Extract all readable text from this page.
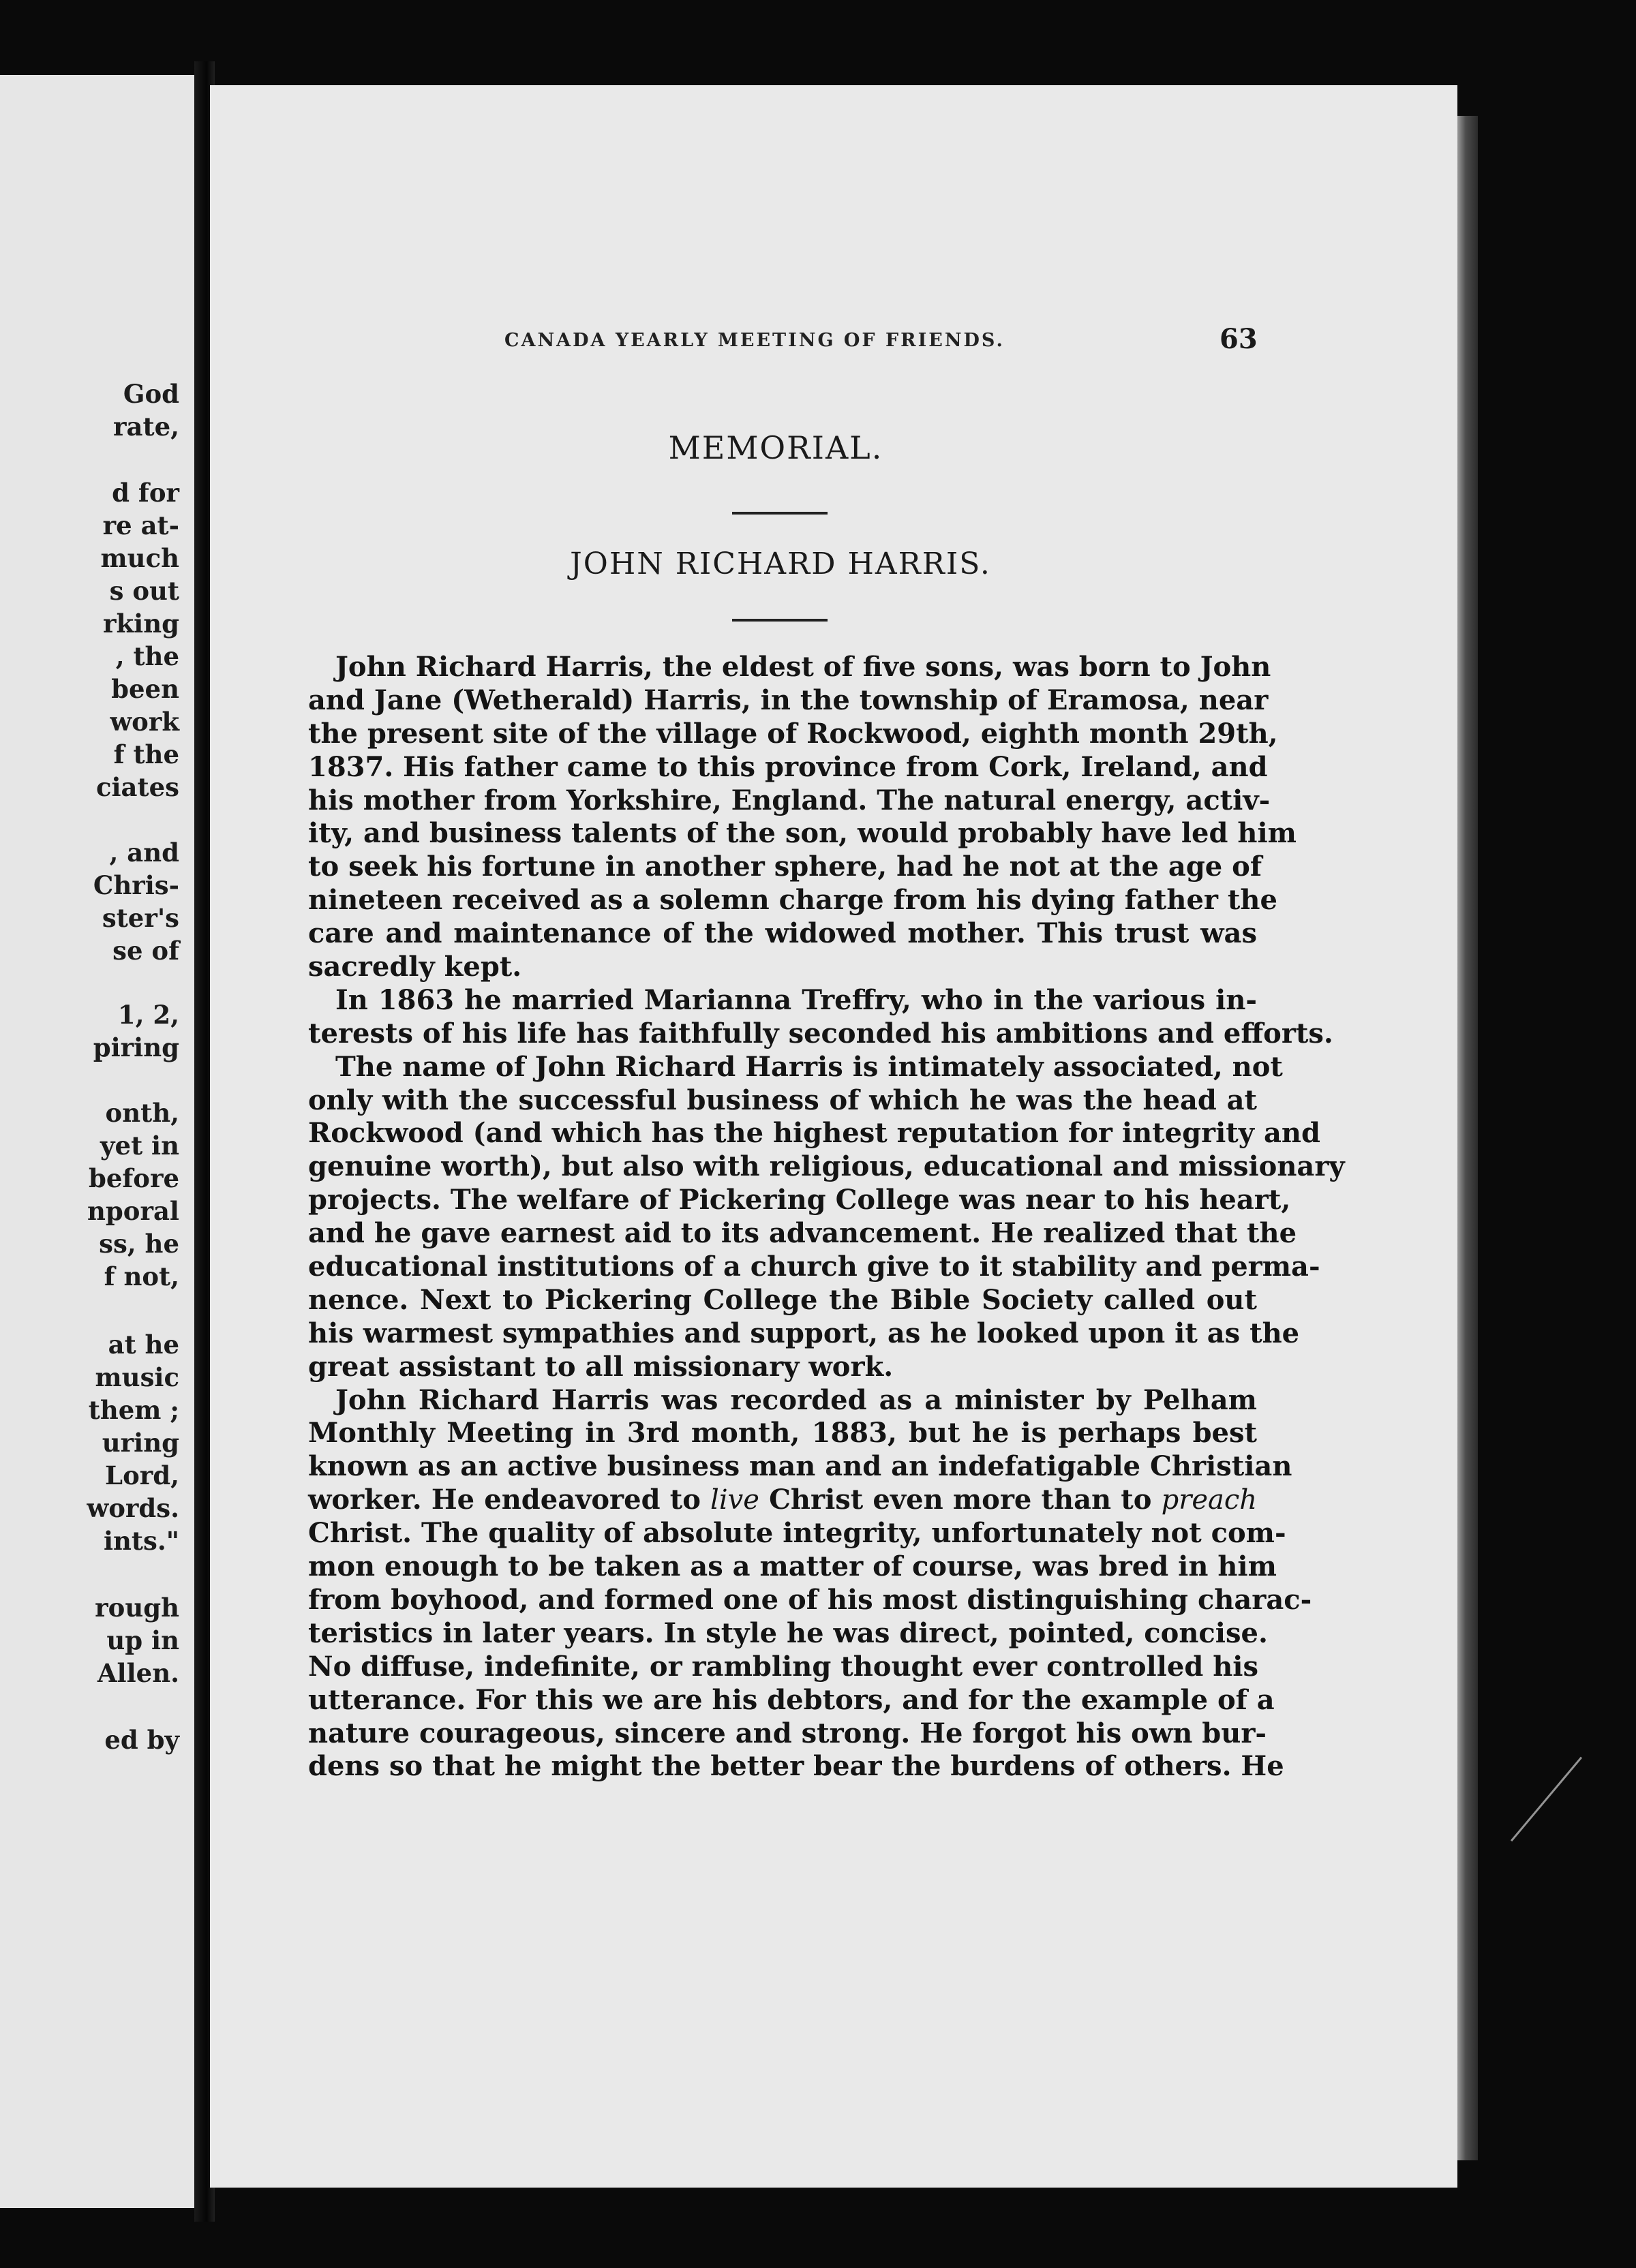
God
rate,
d for
re at-
much
s out
rking
, the
been
work
f the
ciates
, and
Chris-
ster's
se of
1, 2,
piring
onth,
yet in
before
nporal
ss, he
f not,
at he
music
them ;
uring
Lord,
words.
ints."
rough
up in
Allen.
ed by
CANADA YEARLY MEETING OF FRIENDS.	63
MEMORIAL.
JOHN RICHARD HARRIS.
John Richard Harris, the eldest of five sons, was born to John
and Jane (Wetherald) Harris, in the township of Eramosa, near
the present site of the village of Rockwood, eighth month 29th,
1837. His father came to this province from Cork, Ireland, and
his mother from Yorkshire, England. The natural energy, activ-
ity, and business talents of the son, would probably have led him
to seek his fortune in another sphere, had he not at the age of
nineteen received as a solemn charge from his dying father the
care and maintenance of the widowed mother. This trust was
sacredly kept.
In 1863 he married Marianna Treffry, who in the various in-
terests of his life has faithfully seconded his ambitions and efforts.
The name of John Richard Harris is intimately associated, not
only with the successful business of which he was the head at
Rockwood (and which has the highest reputation for integrity and
genuine worth), but also with religious, educational and missionary
projects. The welfare of Pickering College was near to his heart,
and he gave earnest aid to its advancement. He realized that the
educational institutions of a church give to it stability and perma-
nence. Next to Pickering College the Bible Society called out
his warmest sympathies and support, as he looked upon it as the
great assistant to all missionary work.
John Richard Harris was recorded as a minister by Pelham
Monthly Meeting in 3rd month, 1883, but he is perhaps best
known as an active business man and an indefatigable Christian
worker. He endeavored to live Christ even more than to preach
Christ. The quality of absolute integrity, unfortunately not com-
mon enough to be taken as a matter of course, was bred in him
from boyhood, and formed one of his most distinguishing charac-
teristics in later years. In style he was direct, pointed, concise.
No diffuse, indefinite, or rambling thought ever controlled his
utterance. For this we are his debtors, and for the example of a
nature courageous, sincere and strong. He forgot his own bur-
dens so that he might the better bear the burdens of others. He
